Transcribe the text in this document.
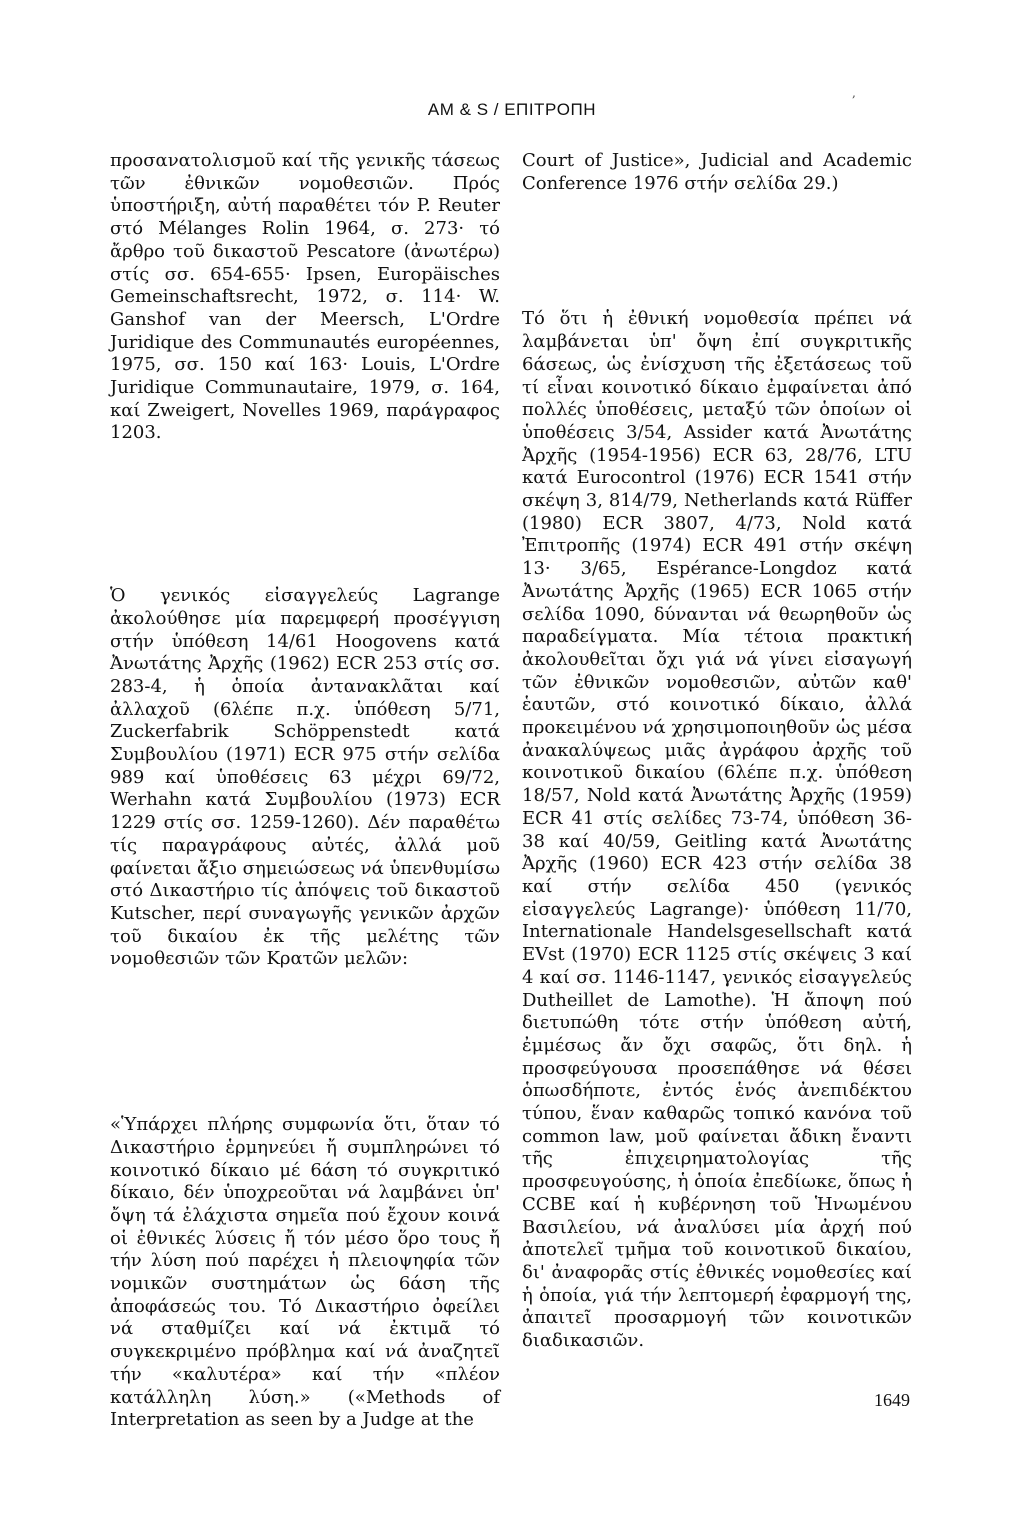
,
AM & S / ΕΠΙΤΡΟΠΗ

προσανατολισμοῦ καί τῆς γενικῆς τάσεως τῶν ἐθνικῶν νομοθεσιῶν. Πρός ὑποστήριξη, αὐτή παραθέτει τόν P. Reuter στό Mélanges Rolin 1964, σ. 273· τό ἄρθρο τοῦ δικαστοῦ Pescatore (ἀνωτέρω) στίς σσ. 654-655· Ipsen, Europäisches Gemeinschaftsrecht, 1972, σ. 114· W. Ganshof van der Meersch, L'Ordre Juridique des Communautés européennes, 1975, σσ. 150 καί 163· Louis, L'Ordre Juridique Communautaire, 1979, σ. 164, καί Zweigert, Novelles 1969, παράγραφος 1203.

Ὁ γενικός εἰσαγγελεύς Lagrange ἀκολούθησε μία παρεμφερή προσέγγιση στήν ὑπόθεση 14/61 Hoogovens κατά Ἀνωτάτης Ἀρχῆς (1962) ECR 253 στίς σσ. 283-4, ἡ ὁποία ἀντανακλᾶται καί ἀλλαχοῦ (6λέπε π.χ. ὑπόθεση 5/71, Zuckerfabrik Schöppenstedt κατά Συμβουλίου (1971) ECR 975 στήν σελίδα 989 καί ὑποθέσεις 63 μέχρι 69/72, Werhahn κατά Συμβουλίου (1973) ECR 1229 στίς σσ. 1259-1260). Δέν παραθέτω τίς παραγράφους αὐτές, ἀλλά μοῦ φαίνεται ἄξιο σημειώσεως νά ὑπενθυμίσω στό Δικαστήριο τίς ἀπόψεις τοῦ δικαστοῦ Kutscher, περί συναγωγῆς γενικῶν ἀρχῶν τοῦ δικαίου ἐκ τῆς μελέτης τῶν νομοθεσιῶν τῶν Κρατῶν μελῶν:

«Ὑπάρχει πλήρης συμφωνία ὅτι, ὅταν τό Δικαστήριο ἑρμηνεύει ἤ συμπληρώνει τό κοινοτικό δίκαιο μέ 6άση τό συγκριτικό δίκαιο, δέν ὑποχρεοῦται νά λαμβάνει ὑπ' ὄψη τά ἐλάχιστα σημεῖα πού ἔχουν κοινά οἱ ἐθνικές λύσεις ἤ τόν μέσο ὅρο τους ἤ τήν λύση πού παρέχει ἡ πλειοψηφία τῶν νομικῶν συστημάτων ὡς 6άση τῆς ἀποφάσεώς του. Τό Δικαστήριο ὀφείλει νά σταθμίζει καί νά ἐκτιμᾶ τό συγκεκριμένο πρόβλημα καί νά ἀναζητεῖ τήν «καλυτέρα» καί τήν «πλέον κατάλληλη λύση.» («Methods of Interpretation as seen by a Judge at the

Court of Justice», Judicial and Academic Conference 1976 στήν σελίδα 29.)

Τό ὅτι ἡ ἐθνική νομοθεσία πρέπει νά λαμβάνεται ὑπ' ὄψη ἐπί συγκριτικῆς 6άσεως, ὡς ἐνίσχυση τῆς ἐξετάσεως τοῦ τί εἶναι κοινοτικό δίκαιο ἐμφαίνεται ἀπό πολλές ὑποθέσεις, μεταξύ τῶν ὁποίων οἱ ὑποθέσεις 3/54, Assider κατά Ἀνωτάτης Ἀρχῆς (1954-1956) ECR 63, 28/76, LTU κατά Eurocontrol (1976) ECR 1541 στήν σκέψη 3, 814/79, Netherlands κατά Rüffer (1980) ECR 3807, 4/73, Nold κατά Ἐπιτροπῆς (1974) ECR 491 στήν σκέψη 13· 3/65, Espérance-Longdoz κατά Ἀνωτάτης Ἀρχῆς (1965) ECR 1065 στήν σελίδα 1090, δύνανται νά θεωρηθοῦν ὡς παραδείγματα. Μία τέτοια πρακτική ἀκολουθεῖται ὄχι γιά νά γίνει εἰσαγωγή τῶν ἐθνικῶν νομοθεσιῶν, αὐτῶν καθ' ἑαυτῶν, στό κοινοτικό δίκαιο, ἀλλά προκειμένου νά χρησιμοποιηθοῦν ὡς μέσα ἀνακαλύψεως μιᾶς ἀγράφου ἀρχῆς τοῦ κοινοτικοῦ δικαίου (6λέπε π.χ. ὑπόθεση 18/57, Nold κατά Ἀνωτάτης Ἀρχῆς (1959) ECR 41 στίς σελίδες 73-74, ὑπόθεση 36-38 καί 40/59, Geitling κατά Ἀνωτάτης Ἀρχῆς (1960) ECR 423 στήν σελίδα 38 καί στήν σελίδα 450 (γενικός εἰσαγγελεύς Lagrange)· ὑπόθεση 11/70, Internationale Handelsgesellschaft κατά EVst (1970) ECR 1125 στίς σκέψεις 3 καί 4 καί σσ. 1146-1147, γενικός εἰσαγγελεύς Dutheillet de Lamothe). Ἡ ἄποψη πού διετυπώθη τότε στήν ὑπόθεση αὐτή, ἐμμέσως ἄν ὄχι σαφῶς, ὅτι δηλ. ἡ προσφεύγουσα προσεπάθησε νά θέσει ὁπωσδήποτε, ἐντός ἑνός ἀνεπιδέκτου τύπου, ἕναν καθαρῶς τοπικό κανόνα τοῦ common law, μοῦ φαίνεται ἄδικη ἔναντι τῆς ἐπιχειρηματολογίας τῆς προσφευγούσης, ἡ ὁποία ἐπεδίωκε, ὅπως ἡ CCBE καί ἡ κυβέρνηση τοῦ Ἡνωμένου Βασιλείου, νά ἀναλύσει μία ἀρχή πού ἀποτελεῖ τμῆμα τοῦ κοινοτικοῦ δικαίου, δι' ἀναφορᾶς στίς ἐθνικές νομοθεσίες καί ἡ ὁποία, γιά τήν λεπτομερή ἐφαρμογή της, ἀπαιτεῖ προσαρμογή τῶν κοινοτικῶν διαδικασιῶν.

1649
